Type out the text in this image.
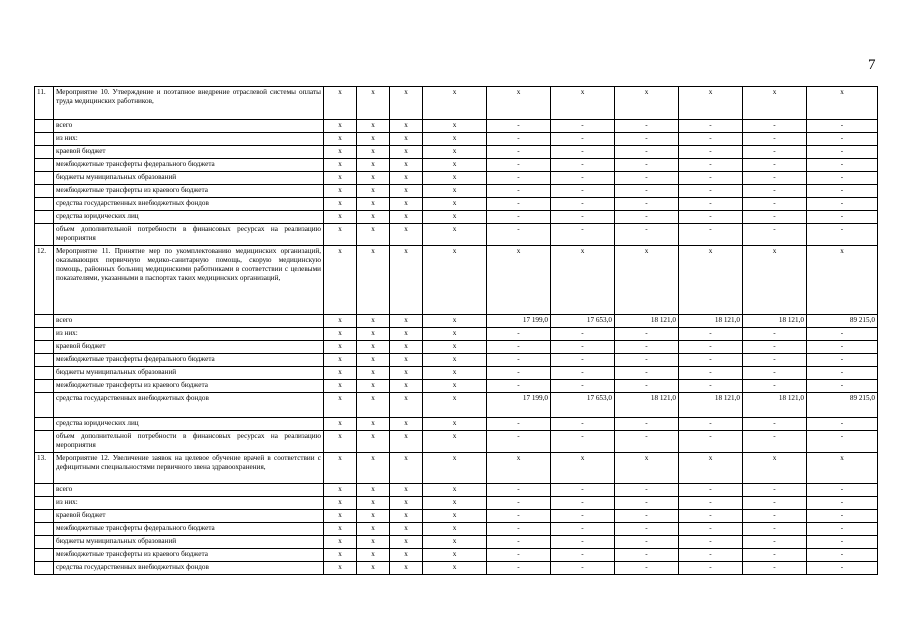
7
11.	Мероприятие 10. Утверждение и поэтапное внедрение отраслевой системы оплаты труда медицинских работников,	x	x	x	x	x	x	x	x	x	x
	всего	x	x	x	x	-	-	-	-	-	-
	из них:	x	x	x	x	-	-	-	-	-	-
	краевой бюджет	x	x	x	x	-	-	-	-	-	-
	межбюджетные трансферты федерального бюджета	x	x	x	x	-	-	-	-	-	-
	бюджеты муниципальных образований	x	x	x	x	-	-	-	-	-	-
	межбюджетные трансферты из краевого бюджета	x	x	x	x	-	-	-	-	-	-
	средства государственных внебюджетных фондов	x	x	x	x	-	-	-	-	-	-
	средства юридических лиц	x	x	x	x	-	-	-	-	-	-
	объем дополнительной потребности в финансовых ресурсах на реализацию мероприятия	x	x	x	x	-	-	-	-	-	-
12.	Мероприятие 11. Принятие мер по укомплектованию медицинских организаций, оказывающих первичную медико-санитарную помощь, скорую медицинскую помощь, районных больниц медицинскими работниками в соответствии с целевыми показателями, указанными в паспортах таких медицинских организаций,	x	x	x	x	x	x	x	x	x	x
	всего	x	x	x	x	17 199,0	17 653,0	18 121,0	18 121,0	18 121,0	89 215,0
	из них:	x	x	x	x	-	-	-	-	-	-
	краевой бюджет	x	x	x	x	-	-	-	-	-	-
	межбюджетные трансферты федерального бюджета	x	x	x	x	-	-	-	-	-	-
	бюджеты муниципальных образований	x	x	x	x	-	-	-	-	-	-
	межбюджетные трансферты из краевого бюджета	x	x	x	x	-	-	-	-	-	-
	средства государственных внебюджетных фондов	x	x	x	x	17 199,0	17 653,0	18 121,0	18 121,0	18 121,0	89 215,0
	средства юридических лиц	x	x	x	x	-	-	-	-	-	-
	объем дополнительной потребности в финансовых ресурсах на реализацию мероприятия	x	x	x	x	-	-	-	-	-	-
13.	Мероприятие 12. Увеличение заявок на целевое обучение врачей в соответствии с дефицитными специальностями первичного звена здравоохранения,	x	x	x	x	x	x	x	x	x	x
	всего	x	x	x	x	-	-	-	-	-	-
	из них:	x	x	x	x	-	-	-	-	-	-
	краевой бюджет	x	x	x	x	-	-	-	-	-	-
	межбюджетные трансферты федерального бюджета	x	x	x	x	-	-	-	-	-	-
	бюджеты муниципальных образований	x	x	x	x	-	-	-	-	-	-
	межбюджетные трансферты из краевого бюджета	x	x	x	x	-	-	-	-	-	-
	средства государственных внебюджетных фондов	x	x	x	x	-	-	-	-	-	-
